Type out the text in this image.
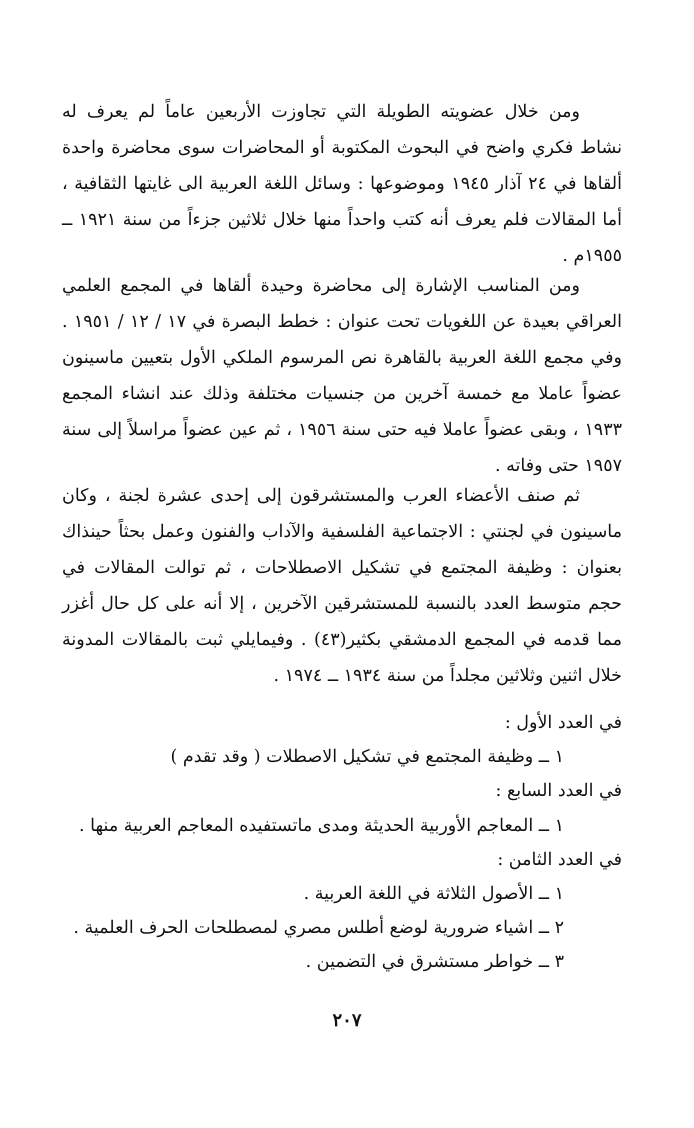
ومن خلال عضويته الطويلة التي تجاوزت الأربعين عاماً لم يعرف له نشاط فكري واضح في البحوث المكتوبة أو المحاضرات سوى محاضرة واحدة ألقاها في ٢٤ آذار ١٩٤٥ وموضوعها : وسائل اللغة العربية الى غايتها الثقافية ، أما المقالات فلم يعرف أنه كتب واحداً منها خلال ثلاثين جزءاً من سنة ١٩٢١ ــ ١٩٥٥م .

ومن المناسب الإشارة إلى محاضرة وحيدة ألقاها في المجمع العلمي العراقي بعيدة عن اللغويات تحت عنوان : خطط البصرة في ١٧ / ١٢ / ١٩٥١ . وفي مجمع اللغة العربية بالقاهرة نص المرسوم الملكي الأول بتعيين ماسينون عضواً عاملا مع خمسة آخرين من جنسيات مختلفة وذلك عند انشاء المجمع ١٩٣٣ ، وبقى عضواً عاملا فيه حتى سنة ١٩٥٦ ، ثم عين عضواً مراسلاً إلى سنة ١٩٥٧ حتى وفاته .

ثم صنف الأعضاء العرب والمستشرقون إلى إحدى عشرة لجنة ، وكان ماسينون في لجنتي : الاجتماعية الفلسفية والآداب والفنون وعمل بحثاً حينذاك بعنوان : وظيفة المجتمع في تشكيل الاصطلاحات ، ثم توالت المقالات في حجم متوسط العدد بالنسبة للمستشرقين الآخرين ، إلا أنه على كل حال أغزر مما قدمه في المجمع الدمشقي بكثير(٤٣) . وفيمايلي ثبت بالمقالات المدونة خلال اثنين وثلاثين مجلداً من سنة ١٩٣٤ ــ ١٩٧٤ .

في العدد الأول :
١ ــ وظيفة المجتمع في تشكيل الاصطلات ( وقد تقدم )
في العدد السابع :
١ ــ المعاجم الأوربية الحديثة ومدى ماتستفيده المعاجم العربية منها .
في العدد الثامن :
١ ــ الأصول الثلاثة في اللغة العربية .
٢ ــ اشياء ضرورية لوضع أطلس مصري لمصطلحات الحرف العلمية .
٣ ــ خواطر مستشرق في التضمين .
٢٠٧
